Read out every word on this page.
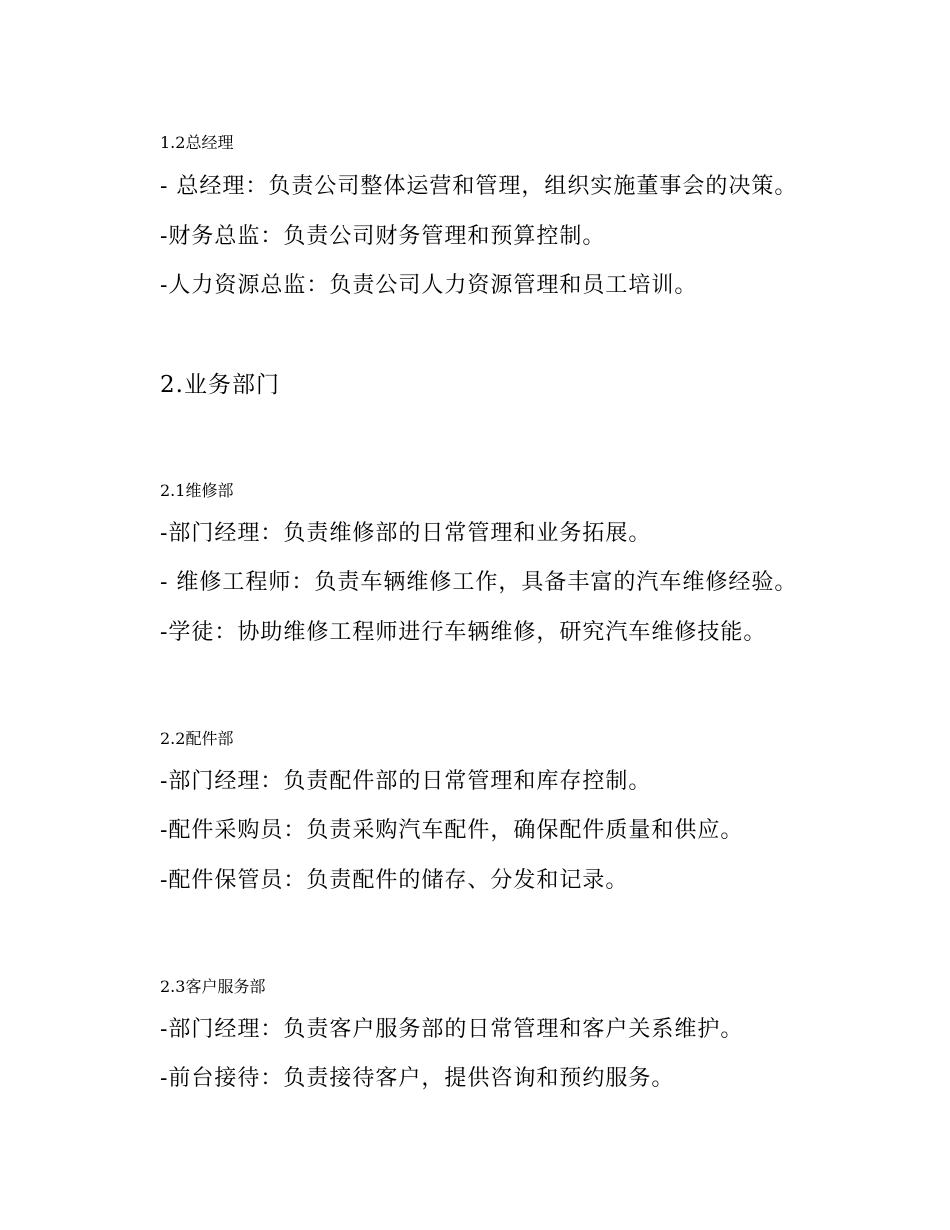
1.2总经理
- 总经理：负责公司整体运营和管理，组织实施董事会的决策。
-财务总监：负责公司财务管理和预算控制。
-人力资源总监：负责公司人力资源管理和员工培训。
2.业务部门
2.1维修部
-部门经理：负责维修部的日常管理和业务拓展。
- 维修工程师：负责车辆维修工作，具备丰富的汽车维修经验。
-学徒：协助维修工程师进行车辆维修，研究汽车维修技能。
2.2配件部
-部门经理：负责配件部的日常管理和库存控制。
-配件采购员：负责采购汽车配件，确保配件质量和供应。
-配件保管员：负责配件的储存、分发和记录。
2.3客户服务部
-部门经理：负责客户服务部的日常管理和客户关系维护。
-前台接待：负责接待客户，提供咨询和预约服务。
